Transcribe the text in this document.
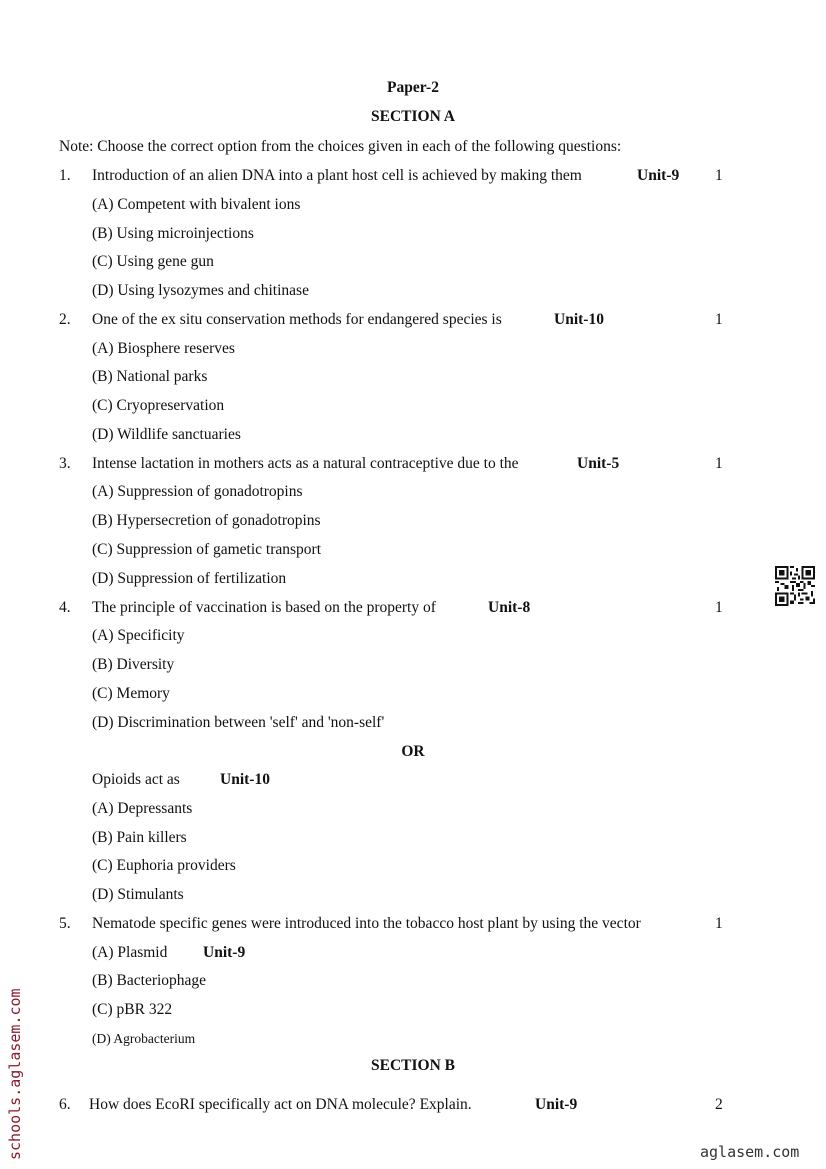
Paper-2
SECTION A
Note: Choose the correct option from the choices given in each of the following questions:
1. Introduction of an alien DNA into a plant host cell is achieved by making them	Unit-9 1
(A) Competent with bivalent ions
(B) Using microinjections
(C) Using gene gun
(D) Using lysozymes and chitinase
2. One of the ex situ conservation methods for endangered species is	Unit-10	1
(A) Biosphere reserves
(B) National parks
(C) Cryopreservation
(D) Wildlife sanctuaries
3. Intense lactation in mothers acts as a natural contraceptive due to the	Unit-5	1
(A) Suppression of gonadotropins
(B) Hypersecretion of gonadotropins
(C) Suppression of gametic transport
(D) Suppression of fertilization
4. The principle of vaccination is based on the property of	Unit-8	1
(A) Specificity
(B) Diversity
(C) Memory
(D) Discrimination between 'self' and 'non-self'
OR
Opioids act as	Unit-10
(A) Depressants
(B) Pain killers
(C) Euphoria providers
(D) Stimulants
5. Nematode specific genes were introduced into the tobacco host plant by using the vector	1
(A) Plasmid Unit-9
(B) Bacteriophage
(C) pBR 322
(D) Agrobacterium
SECTION B
6. How does EcoRI specifically act on DNA molecule? Explain.	Unit-9	2
schools.aglasem.com	aglasem.com
